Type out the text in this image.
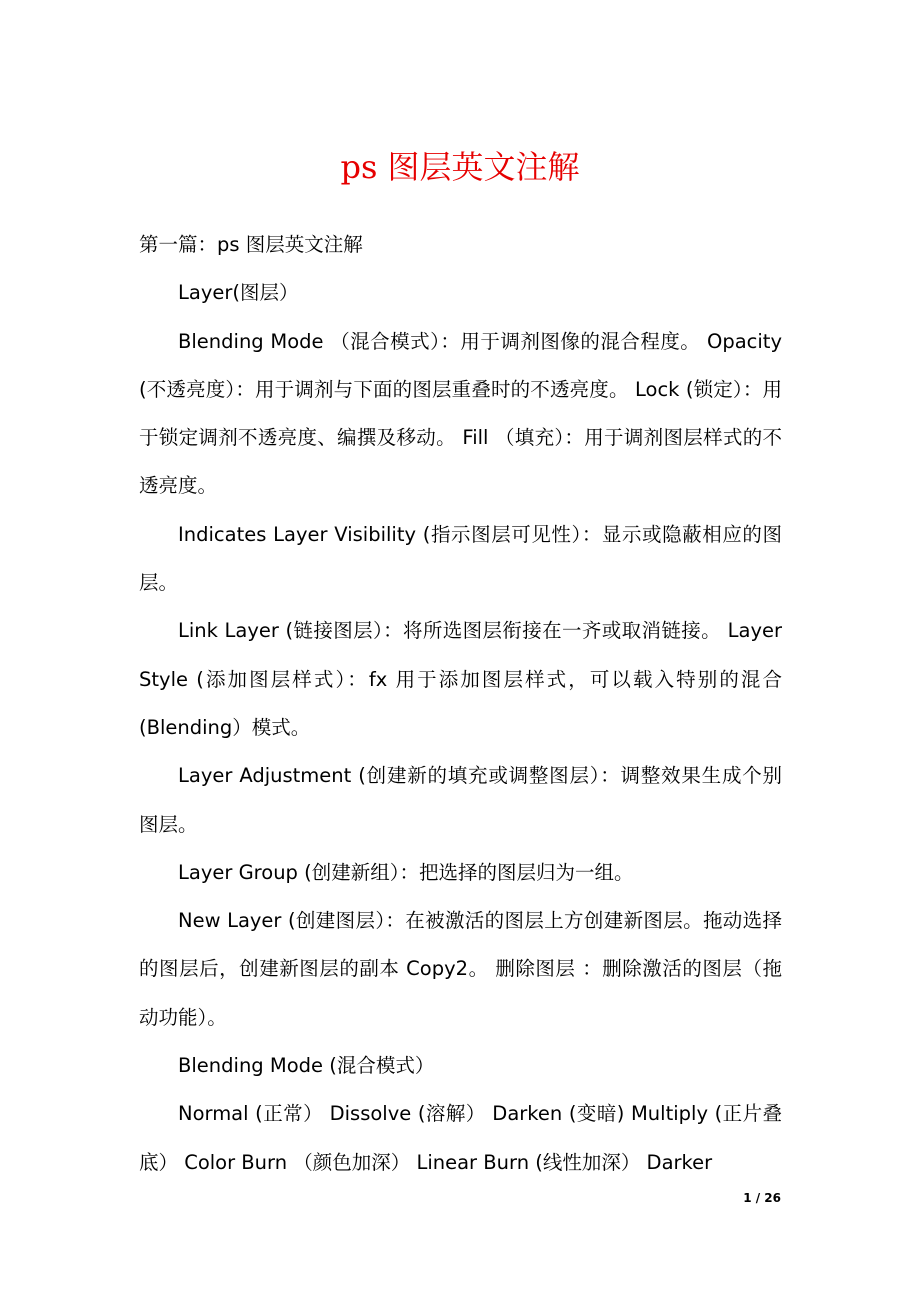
ps 图层英文注解

第一篇：ps 图层英文注解

Layer(图层）

Blending Mode （混合模式）：用于调剂图像的混合程度。 Opacity (不透亮度）：用于调剂与下面的图层重叠时的不透亮度。 Lock (锁定）：用于锁定调剂不透亮度、编撰及移动。 Fill （填充）：用于调剂图层样式的不透亮度。

Indicates Layer Visibility (指示图层可见性）：显示或隐蔽相应的图层。

Link Layer (链接图层）：将所选图层衔接在一齐或取消链接。 Layer Style (添加图层样式）：fx 用于添加图层样式，可以载入特别的混合(Blending）模式。

Layer Adjustment (创建新的填充或调整图层）：调整效果生成个别图层。

Layer Group (创建新组）：把选择的图层归为一组。

New Layer (创建图层）：在被激活的图层上方创建新图层。拖动选择的图层后，创建新图层的副本 Copy2。 删除图层 ：删除激活的图层（拖动功能）。

Blending Mode (混合模式）

Normal (正常） Dissolve (溶解） Darken (变暗) Multiply (正片叠底） Color Burn （颜色加深） Linear Burn (线性加深） Darker

1 / 26
